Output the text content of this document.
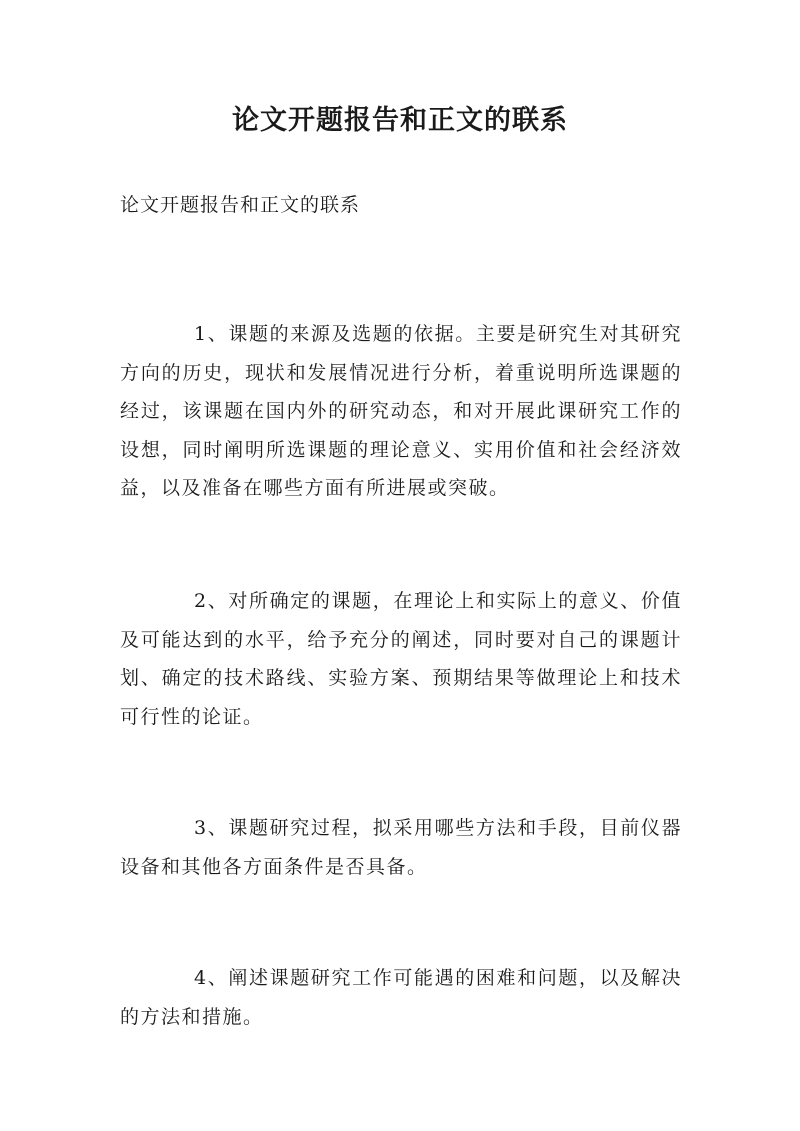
论文开题报告和正文的联系
论文开题报告和正文的联系

1、课题的来源及选题的依据。主要是研究生对其研究方向的历史，现状和发展情况进行分析，着重说明所选课题的经过，该课题在国内外的研究动态，和对开展此课研究工作的设想，同时阐明所选课题的理论意义、实用价值和社会经济效益，以及准备在哪些方面有所进展或突破。

2、对所确定的课题，在理论上和实际上的意义、价值及可能达到的水平，给予充分的阐述，同时要对自己的课题计划、确定的技术路线、实验方案、预期结果等做理论上和技术可行性的论证。

3、课题研究过程，拟采用哪些方法和手段，目前仪器设备和其他各方面条件是否具备。

4、阐述课题研究工作可能遇的困难和问题，以及解决的方法和措施。
